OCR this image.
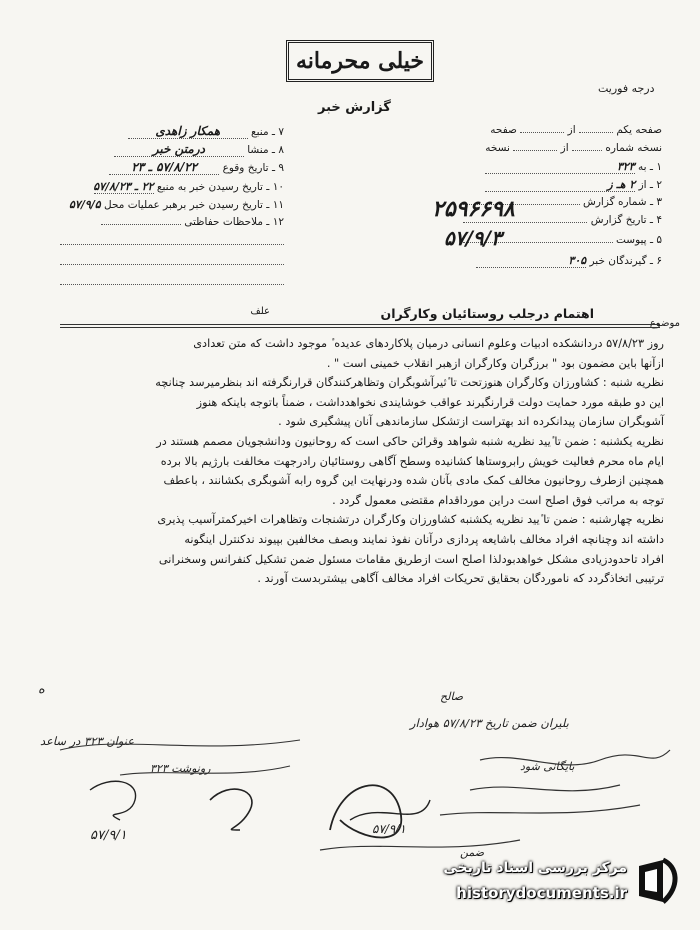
خیلی محرمانه
درجه فوریت
گزارش خبر
۷ ـ منبع همکار زاهدی
۸ ـ منشا درمتن خبر
۹ ـ تاریخ وقوع ۵۷/۸/۲۲ ـ ۲۳
۱۰ ـ تاریخ رسیدن خبر به منبع ۲۲ ـ ۵۷/۸/۲۳
۱۱ ـ تاریخ رسیدن خبر برهبر عملیات محل ۵۷/۹/۵
۱۲ ـ ملاحظات حفاظتی
صفحه یکم  از  صفحه
نسخه شماره  از  نسخه
۱ ـ به ۳۲۳
۲ ـ از ۲ هـ ز
۳ ـ شماره گزارش
۴ ـ تاریخ گزارش
۵ ـ پیوست
۶ ـ گیرندگان خبر ۳۰۵
۲۵۹۶۶۹۸
۵۷/۹/۳
موضوع
اهتمام درجلب روستائیان وکارگران
علف

روز ۵۷/۸/۲۳ دردانشکده ادبیات وعلوم انسانی درمیان پلاکاردهای عدیده ٔ موجود داشت که متن تعدادی

ازآنها باین مضمون بود " برزگران وکارگران ازهبر انقلاب خمینی است " .

نظریه شنبه : کشاورزان وکارگران هنوزتحت تا ٔثیرآشوبگران وتظاهرکنندگان قرارنگرفته اند بنظرمیرسد چنانچه

این دو طبقه مورد حمایت دولت قرارنگیرند عواقب خوشایندی نخواهدداشت ، ضمناً باتوجه باینکه هنوز

آشوبگران سازمان پیدانکرده اند بهتراست ازتشکل سازماندهی آنان پیشگیری شود .

نظریه یکشنبه : ضمن تا ٔیید نظریه شنبه شواهد وقرائن حاکی است که روحانیون ودانشجویان مصمم هستند در

ایام ماه محرم فعالیت خویش رابروستاها کشانیده وسطح آگاهی روستائیان رادرجهت مخالفت بارژیم بالا برده

همچنین ازطرف روحانیون مخالف کمک مادی بآنان شده ودرنهایت این گروه رابه آشوبگری بکشانند ، باعطف

توجه به مراتب فوق اصلح است دراین مورداقدام مقتضی معمول گردد .

نظریه چهارشنبه : ضمن تا ٔیید نظریه یکشنبه کشاورزان وکارگران درتشنجات وتظاهرات اخیرکمترآسیب پذیری

داشته اند وچنانچه افراد مخالف باشایعه پردازی درآنان نفوذ نمایند وبصف مخالفین بپیوند ندکنترل اینگونه

افراد تاحدودزیادی مشکل خواهدبودلذا اصلح است ازطریق مقامات مسئول ضمن تشکیل کنفرانس وسخنرانی

ترتیبی اتخاذگردد که ناموردگان بحقایق تحریکات افراد مخالف آگاهی بیشتربدست آورند .

ه	صالح
بلیران ضمن تاریخ ۵۷/۸/۲۳ هوادار
عنوان ۳۲۳ در ساعد
رونوشت ۳۲۳	بایگانی شود
۵۷/۹/۱
ضمن
۵۷/۹/۱
مرکز بررسی اسناد تاریخی
historydocuments.ir
